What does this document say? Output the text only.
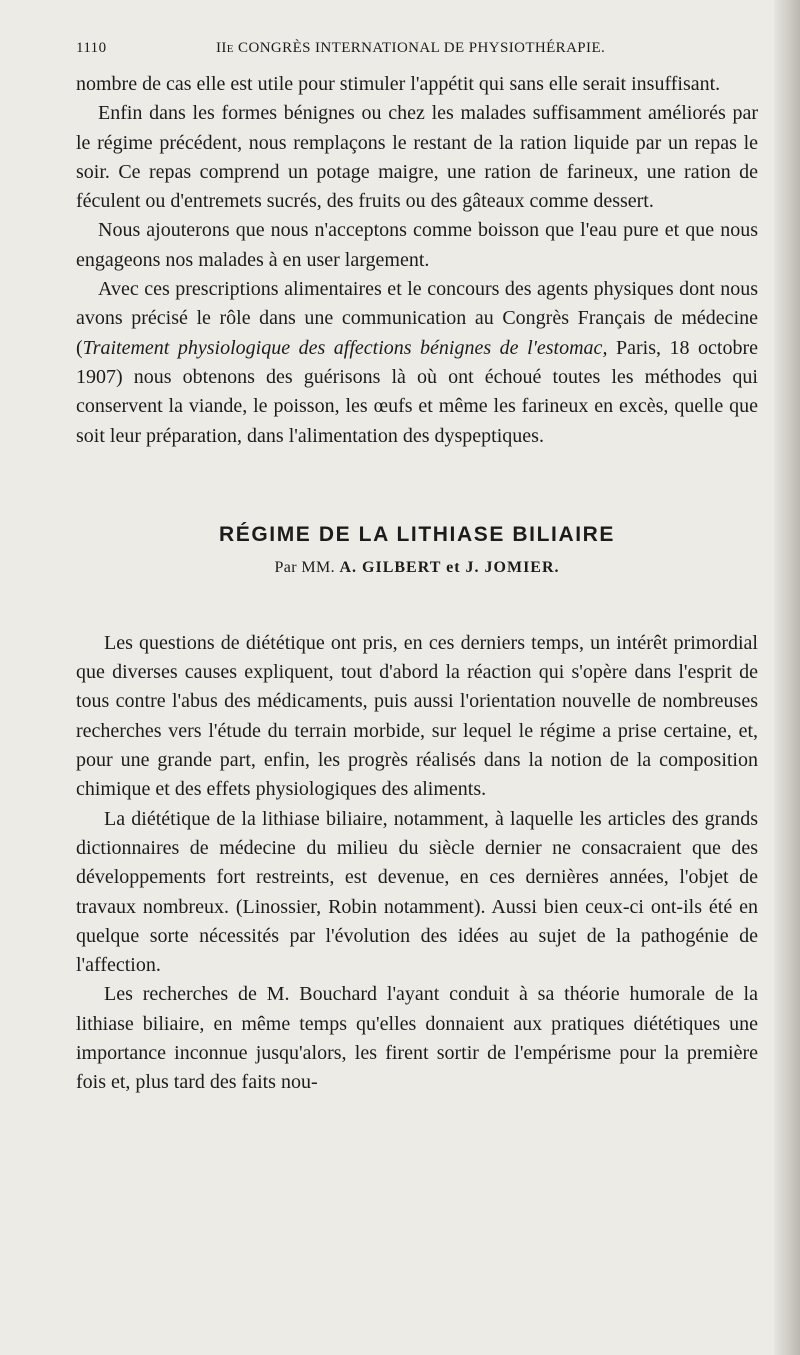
1110	IIe CONGRÈS INTERNATIONAL DE PHYSIOTHÉRAPIE.

nombre de cas elle est utile pour stimuler l'appétit qui sans elle serait insuffisant.

Enfin dans les formes bénignes ou chez les malades suffisamment améliorés par le régime précédent, nous remplaçons le restant de la ration liquide par un repas le soir. Ce repas comprend un potage maigre, une ration de farineux, une ration de féculent ou d'entremets sucrés, des fruits ou des gâteaux comme dessert.

Nous ajouterons que nous n'acceptons comme boisson que l'eau pure et que nous engageons nos malades à en user largement.

Avec ces prescriptions alimentaires et le concours des agents physiques dont nous avons précisé le rôle dans une communication au Congrès Français de médecine (Traitement physiologique des affections bénignes de l'estomac, Paris, 18 octobre 1907) nous obtenons des guérisons là où ont échoué toutes les méthodes qui conservent la viande, le poisson, les œufs et même les farineux en excès, quelle que soit leur préparation, dans l'alimentation des dyspeptiques.

RÉGIME DE LA LITHIASE BILIAIRE
Par MM. A. GILBERT et J. JOMIER.

Les questions de diététique ont pris, en ces derniers temps, un intérêt primordial que diverses causes expliquent, tout d'abord la réaction qui s'opère dans l'esprit de tous contre l'abus des médicaments, puis aussi l'orientation nouvelle de nombreuses recherches vers l'étude du terrain morbide, sur lequel le régime a prise certaine, et, pour une grande part, enfin, les progrès réalisés dans la notion de la composition chimique et des effets physiologiques des aliments.

La diététique de la lithiase biliaire, notamment, à laquelle les articles des grands dictionnaires de médecine du milieu du siècle dernier ne consacraient que des développements fort restreints, est devenue, en ces dernières années, l'objet de travaux nombreux. (Linossier, Robin notamment). Aussi bien ceux-ci ont-ils été en quelque sorte nécessités par l'évolution des idées au sujet de la pathogénie de l'affection.

Les recherches de M. Bouchard l'ayant conduit à sa théorie humorale de la lithiase biliaire, en même temps qu'elles donnaient aux pratiques diététiques une importance inconnue jusqu'alors, les firent sortir de l'empérisme pour la première fois et, plus tard des faits nou-
